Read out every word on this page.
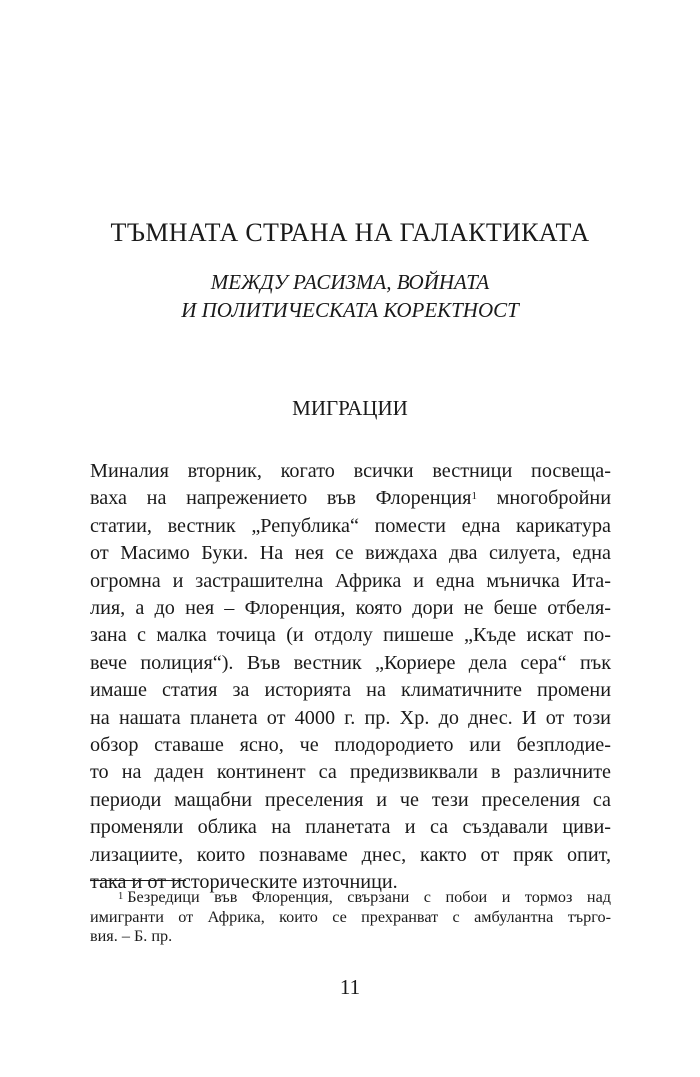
ТЪМНАТА СТРАНА НА ГАЛАКТИКАТА
МЕЖДУ РАСИЗМА, ВОЙНАТА
И ПОЛИТИЧЕСКАТА КОРЕКТНОСТ
МИГРАЦИИ
Миналия вторник, когато всички вестници посвеща-
ваха на напрежението във Флоренция$^1$ многобройни
статии, вестник „Република“ помести една карикатура
от Масимо Буки. На нея се виждаха два силуета, една
огромна и застрашителна Африка и една мъничка Ита-
лия, а до нея – Флоренция, която дори не беше отбеля-
зана с малка точица (и отдолу пишеше „Къде искат по-
вече полиция“). Във вестник „Кориере дела сера“ пък
имаше статия за историята на климатичните промени
на нашата планета от 4000 г. пр. Хр. до днес. И от този
обзор ставаше ясно, че плодородието или безплодие-
то на даден континент са предизвиквали в различните
периоди мащабни преселения и че тези преселения са
променяли облика на планетата и са създавали циви-
лизациите, които познаваме днес, както от пряк опит,
така и от историческите източници.
$^1$ Безредици във Флоренция, свързани с побои и тормоз над
имигранти от Африка, които се прехранват с амбулантна търго-
вия. – Б. пр.
11
